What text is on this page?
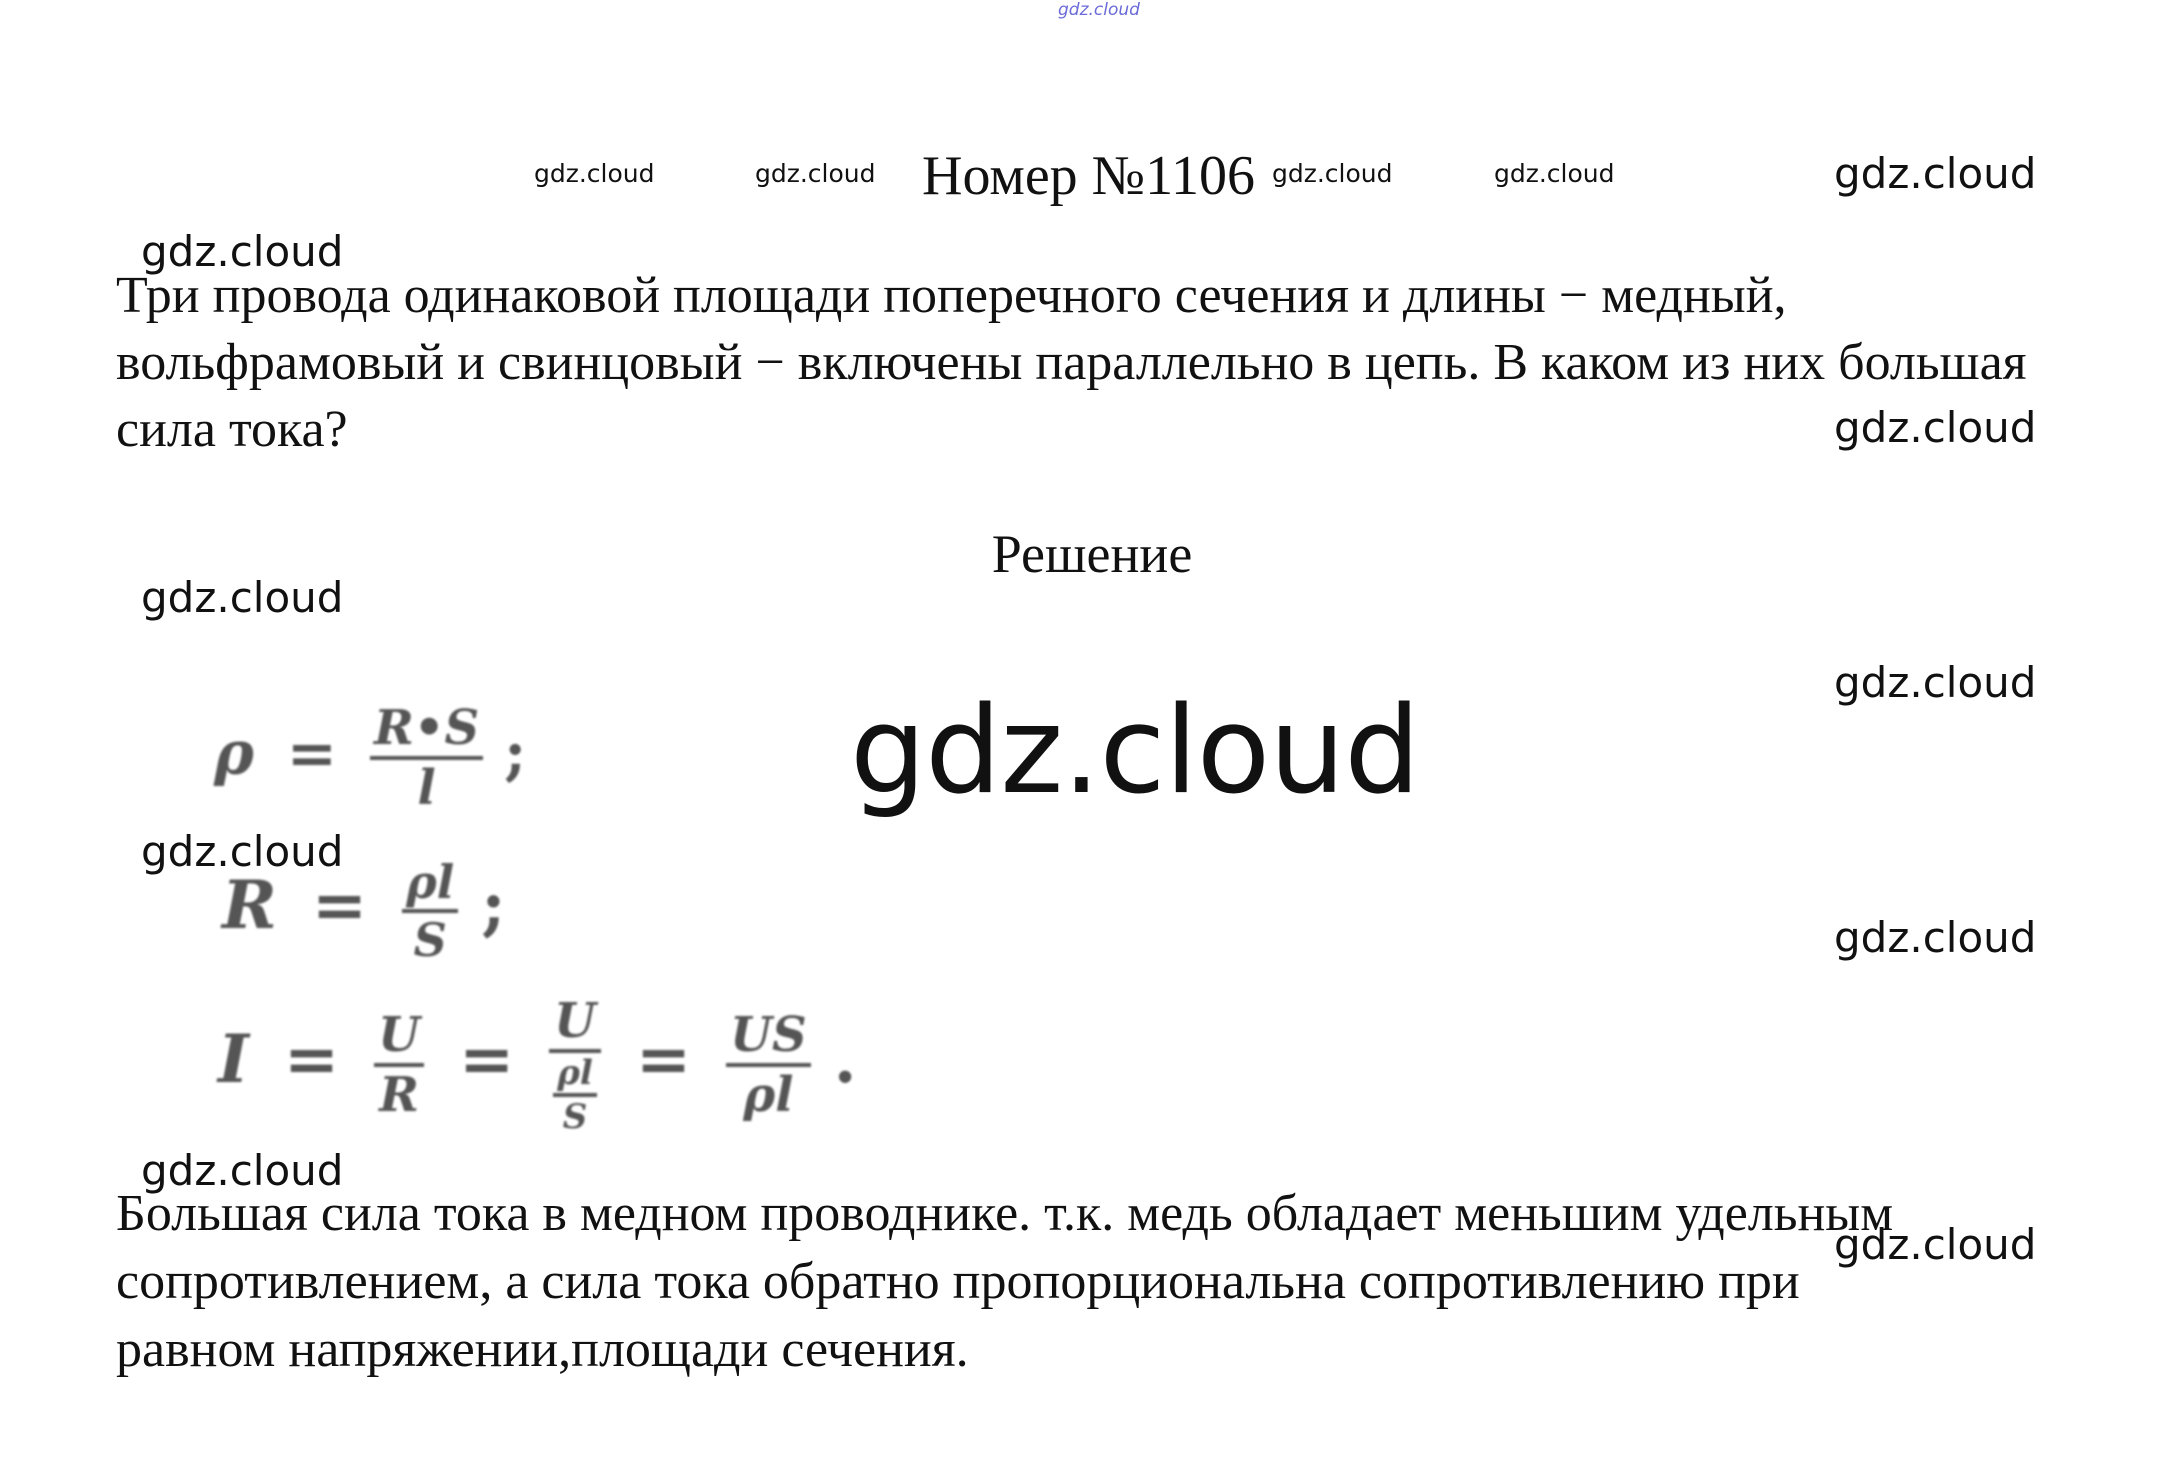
gdz.cloud
gdz.cloud	gdz.cloud	gdz.cloud	gdz.cloud	gdz.cloud
gdz.cloud
gdz.cloud
gdz.cloud
gdz.cloud
gdz.cloud
gdz.cloud
gdz.cloud
gdz.cloud
gdz.cloud
Номер №1106
Три провода одинаковой площади поперечного сечения и длины − медный, вольфрамовый и свинцовый − включены параллельно в цепь. В каком из них большая сила тока?
Решение
$\rho = \frac{R•S}{l}$ ;
$R = \frac{\rho l}{S}$ ;
$I = \frac{U}{R} = \frac{U}{\frac{\rho l}{S}} = \frac{US}{\rho l}$ .
Большая сила тока в медном проводнике. т.к. медь обладает меньшим удельным сопротивлением, а сила тока обратно пропорциональна сопротивлению при равном напряжении,площади сечения.
